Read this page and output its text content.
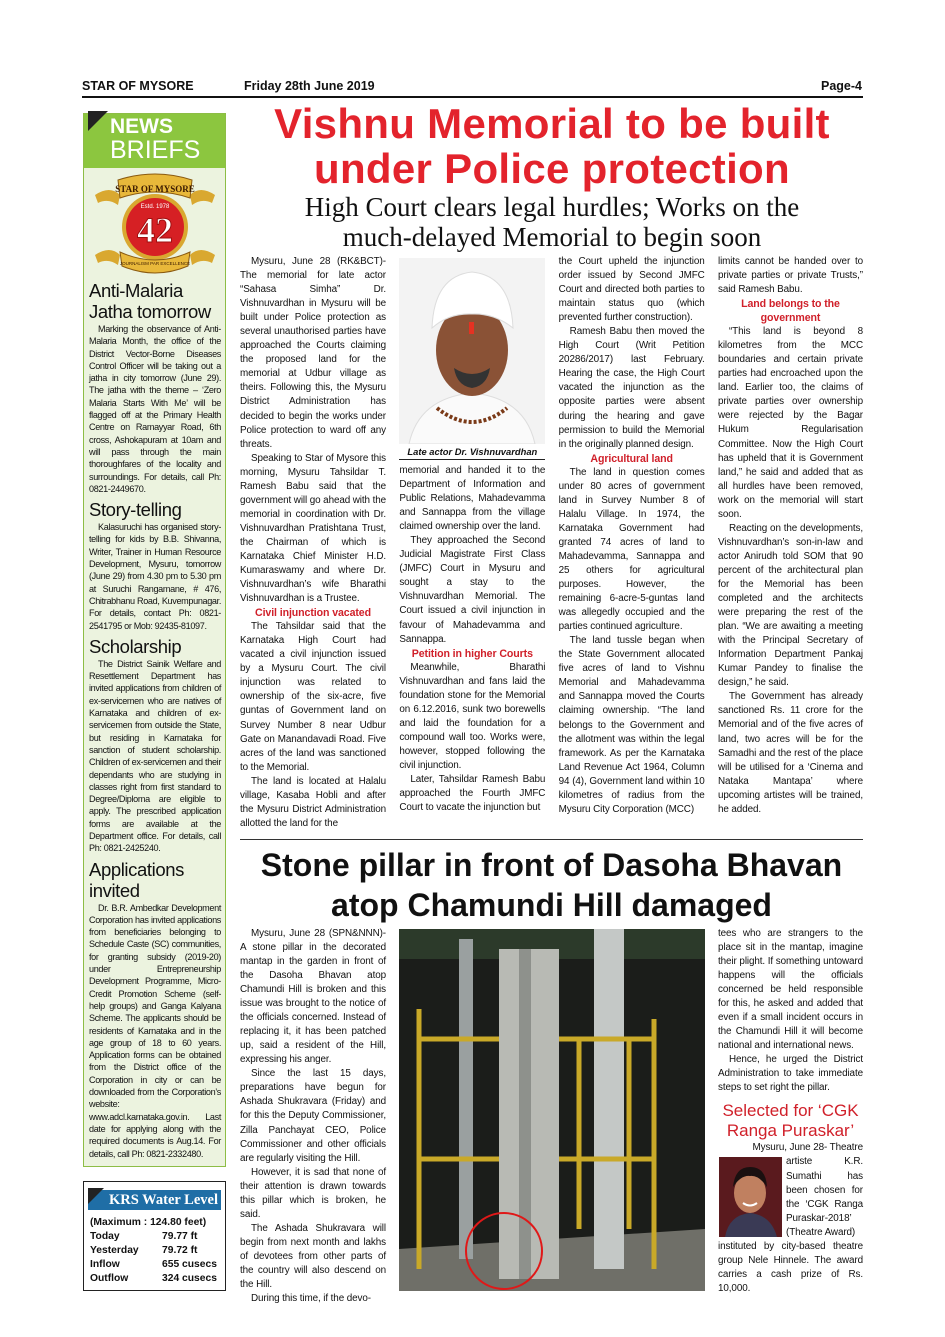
STAR OF MYSORE	Friday 28th June 2019	Page-4
NEWS
BRIEFS
STAR OF MYSORE
Estd. 1978
42
JOURNALISM PAR EXCELLENCE
Anti-Malaria Jatha tomorrow

Marking the observance of Anti-Malaria Month, the office of the District Vector-Borne Diseases Control Officer will be taking out a jatha in city tomorrow (June 29). The jatha with the theme – ‘Zero Malaria Starts With Me’ will be flagged off at the Primary Health Centre on Ramayyar Road, 6th cross, Ashokapuram at 10am and will pass through the main thoroughfares of the locality and surroundings. For details, call Ph: 0821-2449670.

Story-telling

Kalasuruchi has organised story-telling for kids by B.B. Shivanna, Writer, Trainer in Human Resource Development, Mysuru, tomorrow (June 29) from 4.30 pm to 5.30 pm at Suruchi Rangamane, # 476, Chitrabhanu Road, Kuvempunagar. For details, contact Ph: 0821-2541795 or Mob: 92435-81097.

Scholarship

The District Sainik Welfare and Resettlement Department has invited applications from children of ex-servicemen who are natives of Karnataka and children of ex-servicemen from outside the State, but residing in Karnataka for sanction of student scholarship. Children of ex-servicemen and their dependants who are studying in classes right from first standard to Degree/Diploma are eligible to apply. The prescribed application forms are available at the Department office. For details, call Ph: 0821-2425240.

Applications invited

Dr. B.R. Ambedkar Development Corporation has invited applications from beneficiaries belonging to Schedule Caste (SC) communities, for granting subsidy (2019-20) under Entrepreneurship Development Programme, Micro-Credit Promotion Scheme (self-help groups) and Ganga Kalyana Scheme. The applicants should be residents of Karnataka and in the age group of 18 to 60 years. Application forms can be obtained from the District office of the Corporation in city or can be downloaded from the Corporation’s website: www.adcl.karnataka.gov.in. Last date for applying along with the required documents is Aug.14. For details, call Ph: 0821-2332480.

KRS Water Level
(Maximum : 124.80 feet)
Today	79.77 ft
Yesterday 79.72 ft
Inflow	655 cusecs
Outflow	324 cusecs
Vishnu Memorial to be built
under Police protection
High Court clears legal hurdles; Works on the
much-delayed Memorial to begin soon

Mysuru, June 28 (RK&BCT)- The memorial for late actor “Sahasa Simha” Dr. Vishnuvardhan in Mysuru will be built under Police protection as several unauthorised parties have approached the Courts claiming the proposed land for the memorial at Udbur village as theirs. Following this, the Mysuru District Administration has decided to begin the works under Police protection to ward off any threats.

Speaking to Star of Mysore this morning, Mysuru Tahsildar T. Ramesh Babu said that the government will go ahead with the memorial in coordination with Dr. Vishnuvardhan Pratishtana Trust, the Chairman of which is Karnataka Chief Minister H.D. Kumaraswamy and where Dr. Vishnuvardhan’s wife Bharathi Vishnuvardhan is a Trustee.

Civil injunction vacated

The Tahsildar said that the Karnataka High Court had vacated a civil injunction issued by a Mysuru Court. The civil injunction was related to ownership of the six-acre, five guntas of Government land on Survey Number 8 near Udbur Gate on Manandavadi Road. Five acres of the land was sanctioned to the Memorial.

The land is located at Halalu village, Kasaba Hobli and after the Mysuru District Administration allotted the land for the

Late actor Dr. Vishnuvardhan

memorial and handed it to the Department of Information and Public Relations, Mahadevamma and Sannappa from the village claimed ownership over the land.

They approached the Second Judicial Magistrate First Class (JMFC) Court in Mysuru and sought a stay to the Vishnuvardhan Memorial. The Court issued a civil injunction in favour of Mahadevamma and Sannappa.

Petition in higher Courts

Meanwhile, Bharathi Vishnuvardhan and fans laid the foundation stone for the Memorial on 6.12.2016, sunk two borewells and laid the foundation for a compound wall too. Works were, however, stopped following the civil injunction.

Later, Tahsildar Ramesh Babu approached the Fourth JMFC Court to vacate the injunction but

the Court upheld the injunction order issued by Second JMFC Court and directed both parties to maintain status quo (which prevented further construction).

Ramesh Babu then moved the High Court (Writ Petition 20286/2017) last February. Hearing the case, the High Court vacated the injunction as the opposite parties were absent during the hearing and gave permission to build the Memorial in the originally planned design.

Agricultural land

The land in question comes under 80 acres of government land in Survey Number 8 of Halalu Village. In 1974, the Karnataka Government had granted 74 acres of land to Mahadevamma, Sannappa and 25 others for agricultural purposes. However, the remaining 6-acre-5-guntas land was allegedly occupied and the parties continued agriculture.

The land tussle began when the State Government allocated five acres of land to Vishnu Memorial and Mahadevamma and Sannappa moved the Courts claiming ownership. “The land belongs to the Government and the allotment was within the legal framework. As per the Karnataka Land Revenue Act 1964, Column 94 (4), Government land within 10 kilometres of radius from the Mysuru City Corporation (MCC)

limits cannot be handed over to private parties or private Trusts,” said Ramesh Babu.

Land belongs to the government

“This land is beyond 8 kilometres from the MCC boundaries and certain private parties had encroached upon the land. Earlier too, the claims of private parties over ownership were rejected by the Bagar Hukum Regularisation Committee. Now the High Court has upheld that it is Government land,” he said and added that as all hurdles have been removed, work on the memorial will start soon.

Reacting on the developments, Vishnuvardhan’s son-in-law and actor Anirudh told SOM that 90 percent of the architectural plan for the Memorial has been completed and the architects were preparing the rest of the plan. “We are awaiting a meeting with the Principal Secretary of Information Department Pankaj Kumar Pandey to finalise the design,” he said.

The Government has already sanctioned Rs. 11 crore for the Memorial and of the five acres of land, two acres will be for the Samadhi and the rest of the place will be utilised for a ‘Cinema and Nataka Mantapa’ where upcoming artistes will be trained, he added.

Stone pillar in front of Dasoha Bhavan
atop Chamundi Hill damaged

Mysuru, June 28 (SPN&NNN)- A stone pillar in the decorated mantap in the garden in front of the Dasoha Bhavan atop Chamundi Hill is broken and this issue was brought to the notice of the officials concerned. Instead of replacing it, it has been patched up, said a resident of the Hill, expressing his anger.

Since the last 15 days, preparations have begun for Ashada Shukravara (Friday) and for this the Deputy Commissioner, Zilla Panchayat CEO, Police Commissioner and other officials are regularly visiting the Hill.

However, it is sad that none of their attention is drawn towards this pillar which is broken, he said.

The Ashada Shukravara will begin from next month and lakhs of devotees from other parts of the country will also descend on the Hill.

During this time, if the devo-

tees who are strangers to the place sit in the mantap, imagine their plight. If something untoward happens will the officials concerned be held responsible for this, he asked and added that even if a small incident occurs in the Chamundi Hill it will become national and international news.

Hence, he urged the District Administration to take immediate steps to set right the pillar.

Selected for ‘CGK
Ranga Puraskar’
Mysuru, June 28- Theatre

artiste K.R. Sumathi has been chosen for the ‘CGK Ranga Puraskar-2018’ (Theatre Award)

instituted by city-based theatre group Nele Hinnele. The award carries a cash prize of Rs. 10,000.
